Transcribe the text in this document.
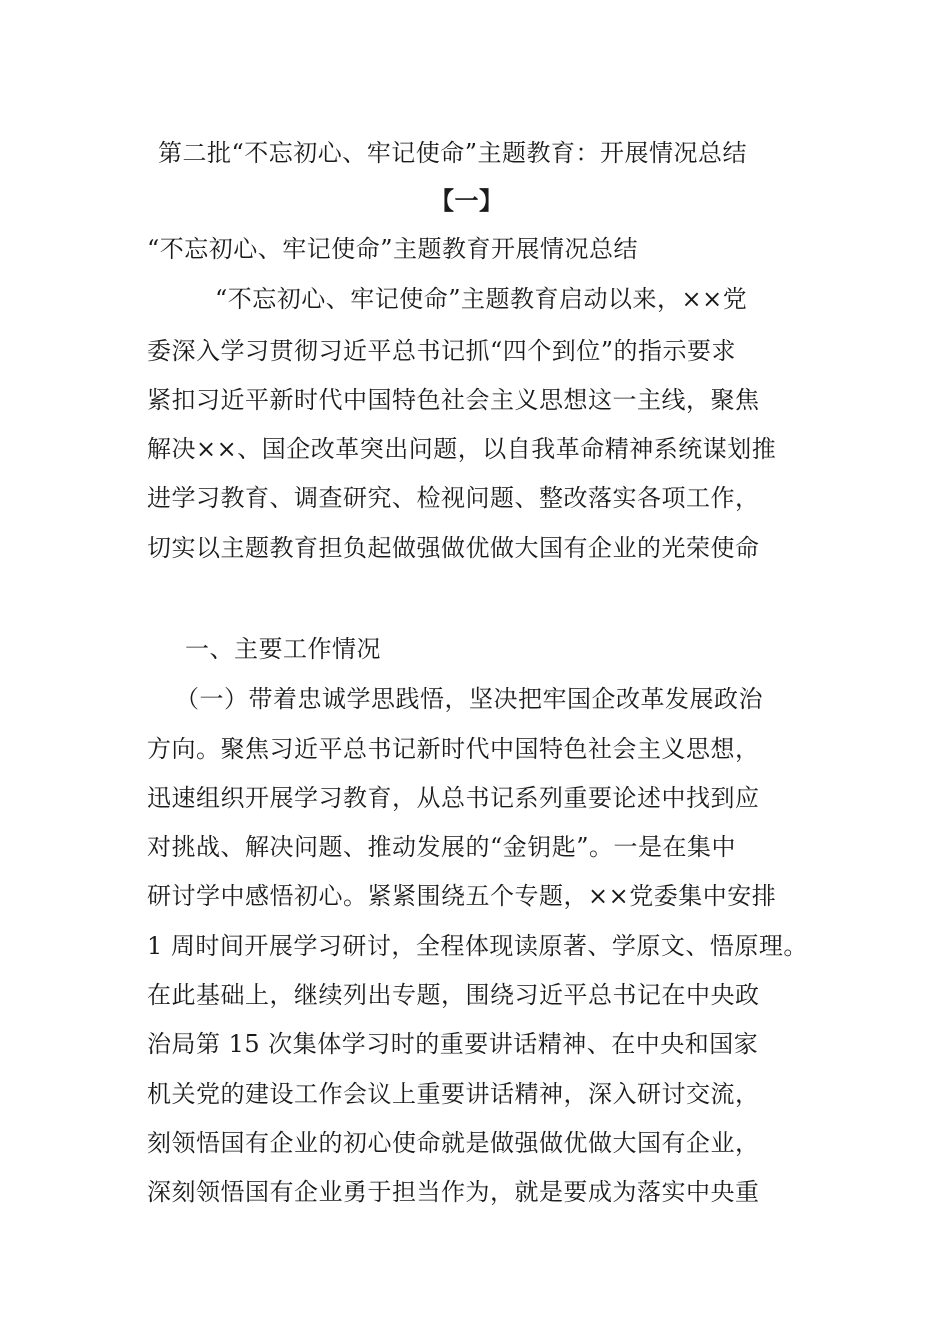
第二批“不忘初心、牢记使命”主题教育：开展情况总结
【一】
“不忘初心、牢记使命”主题教育开展情况总结
“不忘初心、牢记使命”主题教育启动以来，××党
委深入学习贯彻习近平总书记抓“四个到位”的指示要求
紧扣习近平新时代中国特色社会主义思想这一主线，聚焦
解决××、国企改革突出问题，以自我革命精神系统谋划推
进学习教育、调查研究、检视问题、整改落实各项工作，
切实以主题教育担负起做强做优做大国有企业的光荣使命
一、主要工作情况
（一）带着忠诚学思践悟，坚决把牢国企改革发展政治
方向。聚焦习近平总书记新时代中国特色社会主义思想，
迅速组织开展学习教育，从总书记系列重要论述中找到应
对挑战、解决问题、推动发展的“金钥匙”。一是在集中
研讨学中感悟初心。紧紧围绕五个专题，××党委集中安排
1 周时间开展学习研讨，全程体现读原著、学原文、悟原理。
在此基础上，继续列出专题，围绕习近平总书记在中央政
治局第 15 次集体学习时的重要讲话精神、在中央和国家
机关党的建设工作会议上重要讲话精神，深入研讨交流，
刻领悟国有企业的初心使命就是做强做优做大国有企业，
深刻领悟国有企业勇于担当作为，就是要成为落实中央重
